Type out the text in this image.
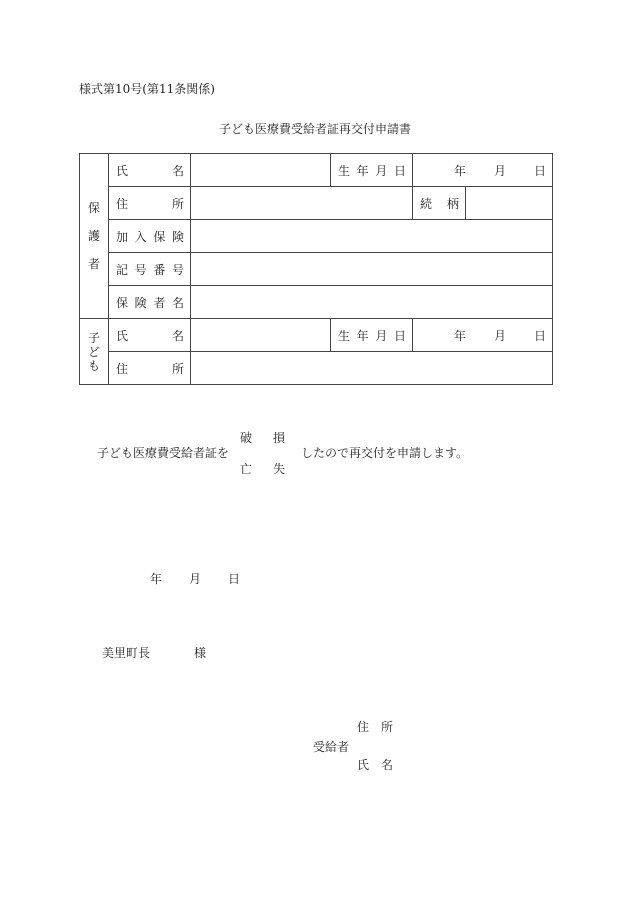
様式第10号(第11条関係)
子ども医療費受給者証再交付申請書
保
護
者	氏 名		生 年 月 日	年 月 日	

	住 所			続 柄	

	加 入 保 険				

	記 号 番 号				

	保 険 者 名				

子
ど
も	氏 名		生 年 月 日	年 月 日	

	住 所				

子ども医療費受給者証を
破 損
亡 失
したので再交付を申請します。
年 月 日
美里町長	様
住 所
受給者
氏 名
